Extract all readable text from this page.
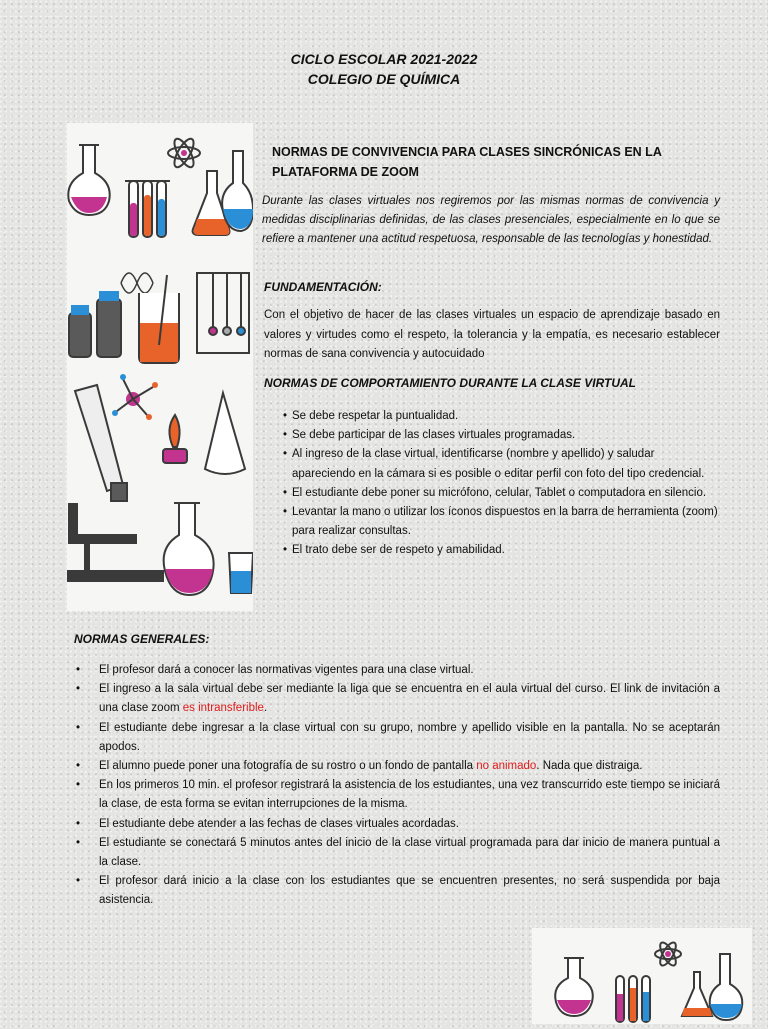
CICLO ESCOLAR 2021-2022
COLEGIO DE QUÍMICA
NORMAS DE CONVIVENCIA PARA CLASES SINCRÓNICAS EN LA PLATAFORMA DE ZOOM
Durante las clases virtuales nos regiremos por las mismas normas de convivencia y medidas disciplinarias definidas, de las clases presenciales, especialmente en lo que se refiere a mantener una actitud respetuosa, responsable de las tecnologías y honestidad.
FUNDAMENTACIÓN:
Con el objetivo de hacer de las clases virtuales un espacio de aprendizaje basado en valores y virtudes como el respeto, la tolerancia y la empatía, es necesario establecer normas de sana convivencia y autocuidado
NORMAS DE COMPORTAMIENTO DURANTE LA CLASE VIRTUAL
• Se debe respetar la puntualidad.
• Se debe participar de las clases virtuales programadas.
• Al ingreso de la clase virtual, identificarse (nombre y apellido) y saludar apareciendo en la cámara si es posible o editar perfil con foto del tipo credencial.
• El estudiante debe poner su micrófono, celular, Tablet o computadora en silencio.
• Levantar la mano o utilizar los íconos dispuestos en la barra de herramienta (zoom) para realizar consultas.
• El trato debe ser de respeto y amabilidad.
NORMAS GENERALES:
• El profesor dará a conocer las normativas vigentes para una clase virtual.
• El ingreso a la sala virtual debe ser mediante la liga que se encuentra en el aula virtual del curso. El link de invitación a una clase zoom es intransferible.
• El estudiante debe ingresar a la clase virtual con su grupo, nombre y apellido visible en la pantalla. No se aceptarán apodos.
• El alumno puede poner una fotografía de su rostro o un fondo de pantalla no animado. Nada que distraiga.
• En los primeros 10 min. el profesor registrará la asistencia de los estudiantes, una vez transcurrido este tiempo se iniciará la clase, de esta forma se evitan interrupciones de la misma.
• El estudiante debe atender a las fechas de clases virtuales acordadas.
• El estudiante se conectará 5 minutos antes del inicio de la clase virtual programada para dar inicio de manera puntual a la clase.
• El profesor dará inicio a la clase con los estudiantes que se encuentren presentes, no será suspendida por baja asistencia.
